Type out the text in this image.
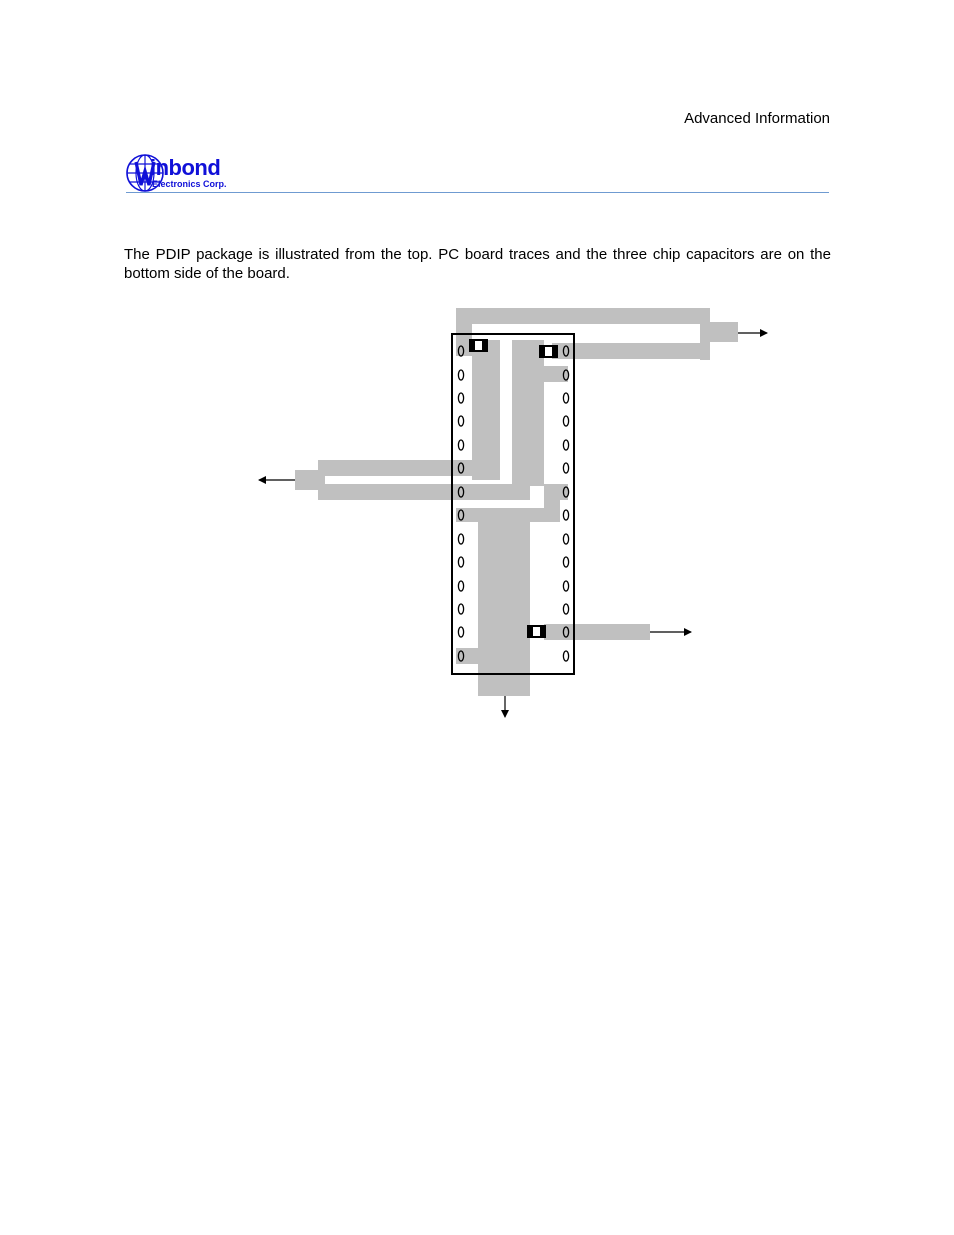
Advanced Information
inbond
Electronics Corp.

The PDIP package is illustrated from the top. PC board traces and the three chip capacitors are on the bottom side of the board.
